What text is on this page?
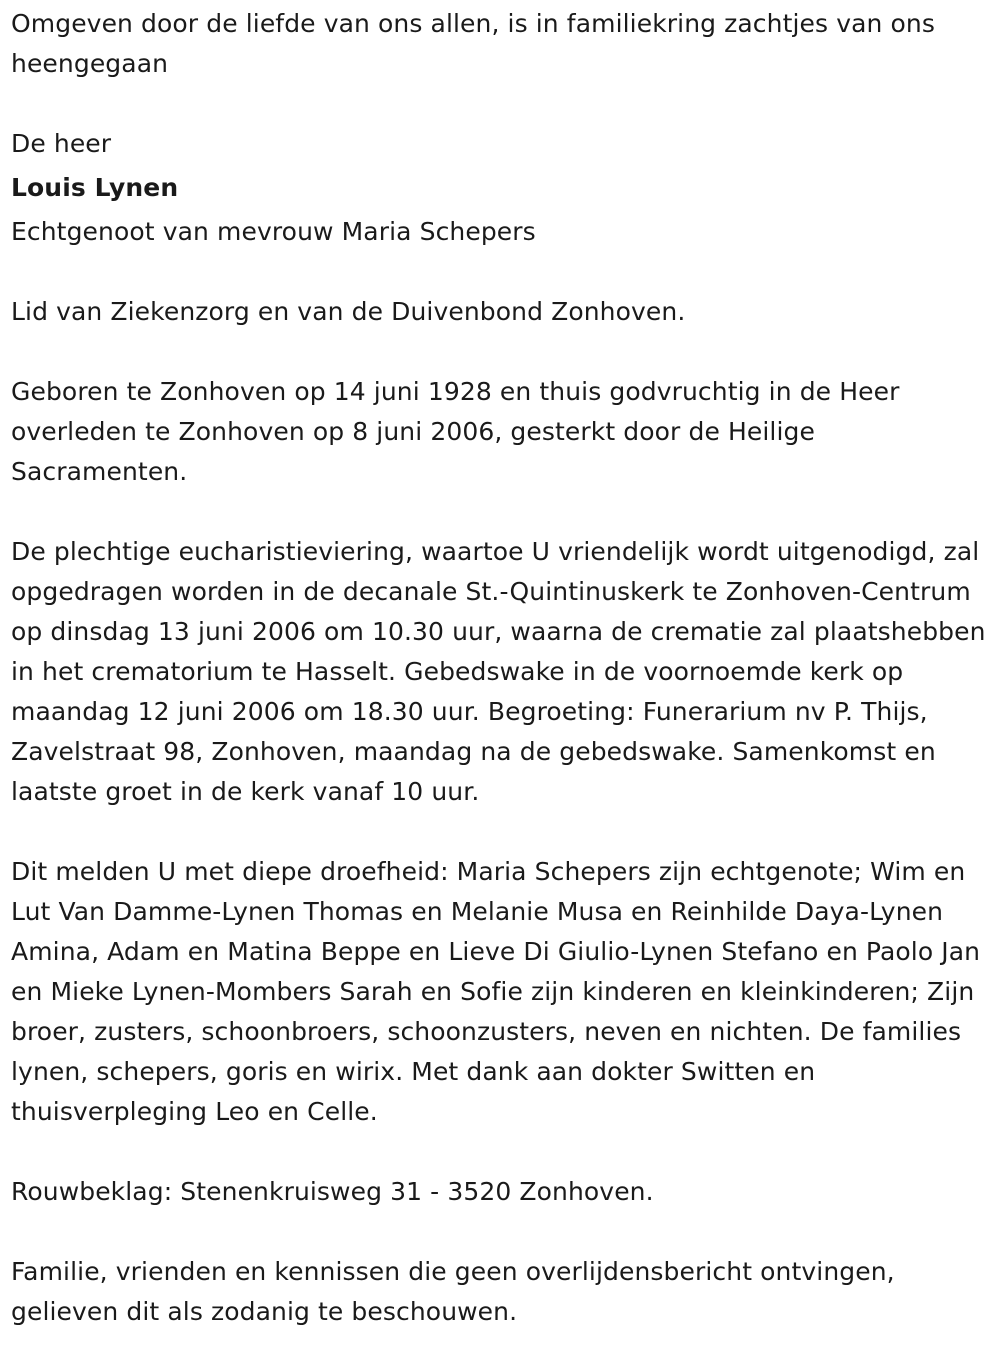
Omgeven door de liefde van ons allen, is in familiekring zachtjes van ons heengegaan

De heer

Louis Lynen

Echtgenoot van mevrouw Maria Schepers

Lid van Ziekenzorg en van de Duivenbond Zonhoven.

Geboren te Zonhoven op 14 juni 1928 en thuis godvruchtig in de Heer overleden te Zonhoven op 8 juni 2006, gesterkt door de Heilige Sacramenten.

De plechtige eucharistieviering, waartoe U vriendelijk wordt uitgenodigd, zal opgedragen worden in de decanale St.-Quintinuskerk te Zonhoven-Centrum op dinsdag 13 juni 2006 om 10.30 uur, waarna de crematie zal plaatshebben in het crematorium te Hasselt. Gebedswake in de voornoemde kerk op maandag 12 juni 2006 om 18.30 uur. Begroeting: Funerarium nv P. Thijs, Zavelstraat 98, Zonhoven, maandag na de gebedswake. Samenkomst en laatste groet in de kerk vanaf 10 uur.

Dit melden U met diepe droefheid: Maria Schepers zijn echtgenote; Wim en Lut Van Damme-Lynen Thomas en Melanie Musa en Reinhilde Daya-Lynen Amina, Adam en Matina Beppe en Lieve Di Giulio-Lynen Stefano en Paolo Jan en Mieke Lynen-Mombers Sarah en Sofie zijn kinderen en kleinkinderen; Zijn broer, zusters, schoonbroers, schoonzusters, neven en nichten. De families lynen, schepers, goris en wirix. Met dank aan dokter Switten en thuisverpleging Leo en Celle.

Rouwbeklag: Stenenkruisweg 31 - 3520 Zonhoven.

Familie, vrienden en kennissen die geen overlijdensbericht ontvingen, gelieven dit als zodanig te beschouwen.
